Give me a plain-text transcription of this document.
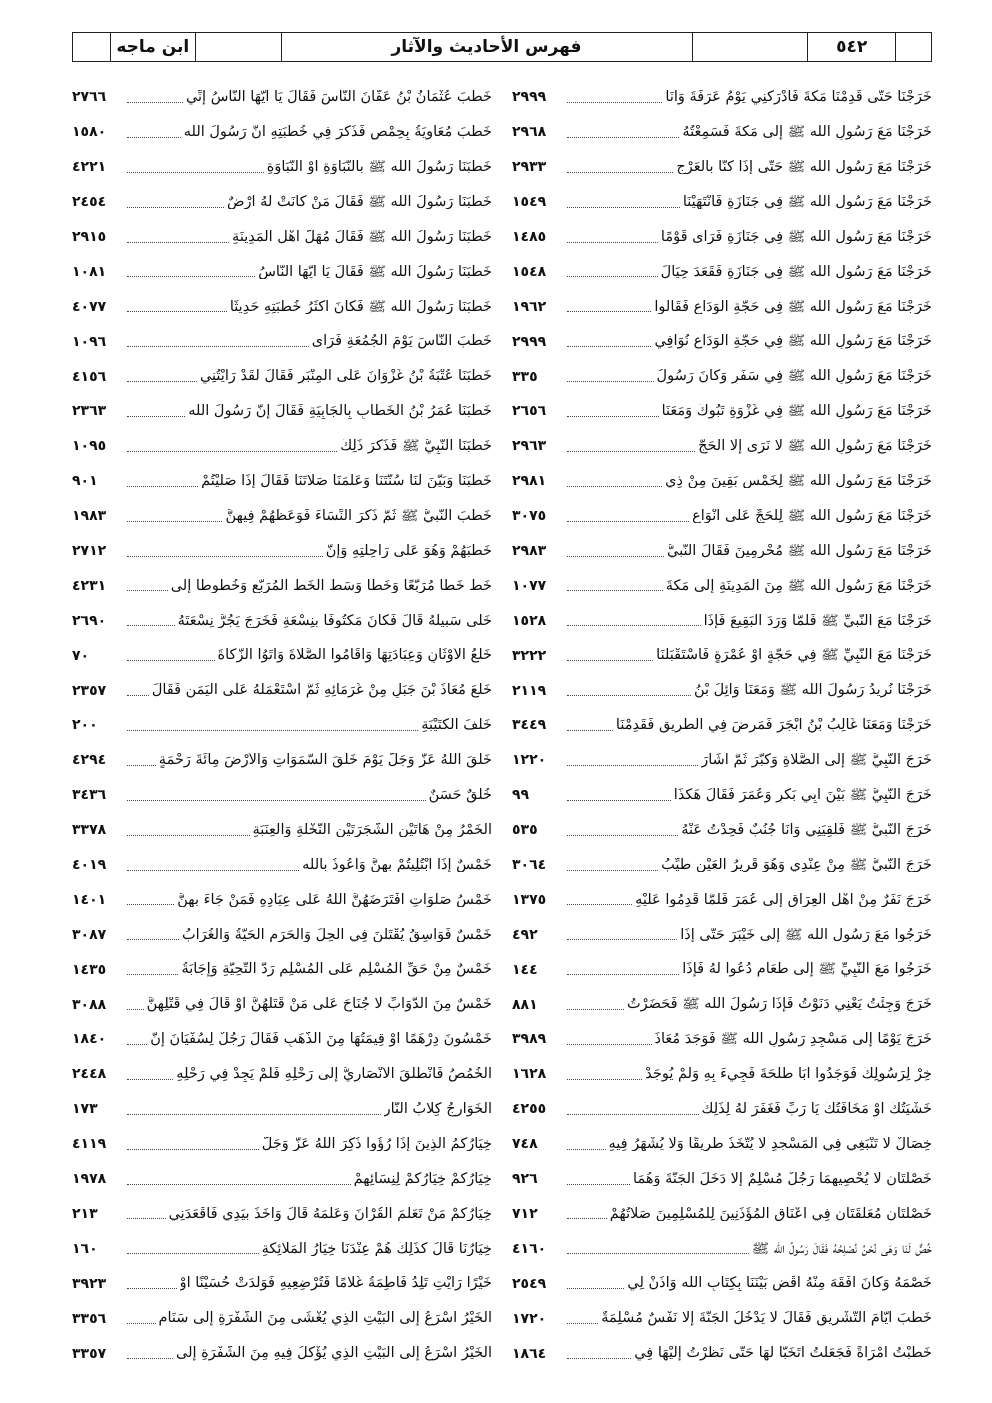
ابن ماجه	فهرس الأحاديث والآثار	٥٤٢
خَرَجْنَا حَتَّى قَدِمْنَا مَكَّةَ فَأَدْرَكَنِي يَوْمُ عَرَفَةَ وَأَنَا
٢٩٩٩
خَرَجْنَا مَعَ رَسُولِ اللّٰه ﷺ إِلَى مَكَّةَ فَسَمِعْتُهُ
٢٩٦٨
خَرَجْنَا مَعَ رَسُولِ اللّٰه ﷺ حَتَّى إِذَا كُنَّا بِالْعَرْجِ
٢٩٣٣
خَرَجْنَا مَعَ رَسُولِ اللّٰه ﷺ فِي جَنَازَةٍ فَانْتَهَيْنَا
١٥٤٩
خَرَجْنَا مَعَ رَسُولِ اللّٰه ﷺ فِي جَنَازَةٍ فَرَأَى قَوْمًا
١٤٨٥
خَرَجْنَا مَعَ رَسُولِ اللّٰه ﷺ فِي جَنَازَةٍ فَقَعَدَ حِيَالَ
١٥٤٨
خَرَجْنَا مَعَ رَسُولِ اللّٰه ﷺ فِي حَجَّةِ الْوَدَاعِ فَقَالُوا
١٩٦٢
خَرَجْنَا مَعَ رَسُولِ اللّٰه ﷺ فِي حَجَّةِ الْوَدَاعِ نُوَافِي
٢٩٩٩
خَرَجْنَا مَعَ رَسُولِ اللّٰه ﷺ فِي سَفَرٍ وَكَانَ رَسُولُ
٣٣٥
خَرَجْنَا مَعَ رَسُولِ اللّٰه ﷺ فِي غَزْوَةِ تَبُوكَ وَمَعَنَا
٢٦٥٦
خَرَجْنَا مَعَ رَسُولِ اللّٰه ﷺ لَا نَرَى إِلَّا الْحَجَّ
٢٩٦٣
خَرَجْنَا مَعَ رَسُولِ اللّٰه ﷺ لِخَمْسٍ بَقِينَ مِنْ ذِي
٢٩٨١
خَرَجْنَا مَعَ رَسُولِ اللّٰه ﷺ لِلْحَجِّ عَلَى أَنْوَاعٍ
٣٠٧٥
خَرَجْنَا مَعَ رَسُولِ اللّٰه ﷺ مُحْرِمِينَ فَقَالَ النَّبِيُّ
٢٩٨٣
خَرَجْنَا مَعَ رَسُولِ اللّٰه ﷺ مِنَ الْمَدِينَةِ إِلَى مَكَّةَ
١٠٧٧
خَرَجْنَا مَعَ النَّبِيِّ ﷺ فَلَمَّا وَرَدَ الْبَقِيعَ فَإِذَا
١٥٢٨
خَرَجْنَا مَعَ النَّبِيِّ ﷺ فِي حَجَّةٍ أَوْ عُمْرَةٍ فَاسْتَقْبَلَنَا
٣٢٢٢
خَرَجْنَا نُرِيدُ رَسُولَ اللّٰه ﷺ وَمَعَنَا وَائِلُ بْنُ
٢١١٩
خَرَجْنَا وَمَعَنَا غَالِبُ بْنُ أَبْجَرَ فَمَرِضَ فِي الطَّرِيقِ فَقَدِمْنَا
٣٤٤٩
خَرَجَ النَّبِيُّ ﷺ إِلَى الصَّلَاةِ وَكَبَّرَ ثُمَّ أَشَارَ
١٢٢٠
خَرَجَ النَّبِيُّ ﷺ بَيْنَ أَبِي بَكْرٍ وَعُمَرَ فَقَالَ هَكَذَا
٩٩
خَرَجَ النَّبِيُّ ﷺ فَلَقِيَنِي وَأَنَا جُنُبٌ فَحِدْتُ عَنْهُ
٥٣٥
خَرَجَ النَّبِيُّ ﷺ مِنْ عِنْدِي وَهُوَ قَرِيرُ الْعَيْنِ طَيِّبُ
٣٠٦٤
خَرَجَ نَفَرٌ مِنْ أَهْلِ الْعِرَاقِ إِلَى عُمَرَ فَلَمَّا قَدِمُوا عَلَيْهِ
١٣٧٥
خَرَجُوا مَعَ رَسُولِ اللّٰه ﷺ إِلَى خَيْبَرَ حَتَّى إِذَا
٤٩٢
خَرَجُوا مَعَ النَّبِيِّ ﷺ إِلَى طَعَامٍ دُعُوا لَهُ فَإِذَا
١٤٤
خَرَجَ وَجِئْتُ يَعْنِي دَنَوْتُ فَإِذَا رَسُولُ اللّٰه ﷺ فَحَضَرْتُ
٨٨١
خَرَجَ يَوْمًا إِلَى مَسْجِدِ رَسُولِ اللّٰه ﷺ فَوَجَدَ مُعَاذَ
٣٩٨٩
خِرْ لِرَسُولِكَ فَوَجَدُوا أَبَا طَلْحَةَ فَجِيءَ بِهِ وَلَمْ يُوجَدْ
١٦٢٨
خَشْيَتُكَ أَوْ مَخَافَتُكَ يَا رَبِّ فَغَفَرَ لَهُ لِذَلِكَ
٤٢٥٥
خِصَالٌ لَا تَنْبَغِي فِي الْمَسْجِدِ لَا يُتَّخَذُ طَرِيقًا وَلَا يُشْهَرُ فِيهِ
٧٤٨
خَصْلَتَانِ لَا يُحْصِيهِمَا رَجُلٌ مُسْلِمٌ إِلَّا دَخَلَ الْجَنَّةَ وَهُمَا
٩٢٦
خَصْلَتَانِ مُعَلَّقَتَانِ فِي أَعْنَاقِ الْمُؤَذِّنِينَ لِلْمُسْلِمِينَ صَلَاتُهُمْ
٧١٢
خُصٌّ لَنَا وَهَى نُحْنُ نُصْلِحُهُ فَقَالَ رَسُولُ اللّٰه ﷺ
٤١٦٠
خَصْمَهُ وَكَانَ أَفْقَهَ مِنْهُ اقْضِ بَيْنَنَا بِكِتَابِ اللّٰه وَأْذَنْ لِي
٢٥٤٩
خَطَبَ أَيَّامَ التَّشْرِيقِ فَقَالَ لَا يَدْخُلُ الْجَنَّةَ إِلَّا نَفْسٌ مُسْلِمَةٌ
١٧٢٠
خَطَبْتُ امْرَأَةً فَجَعَلْتُ أَتَخَبَّأُ لَهَا حَتَّى نَظَرْتُ إِلَيْهَا فِي
١٨٦٤
خَطَبَ عُثْمَانُ بْنُ عَفَّانَ النَّاسَ فَقَالَ يَا أَيُّهَا النَّاسُ إِنِّي
٢٧٦٦
خَطَبَ مُعَاوِيَةُ بِحِمْصٍ فَذَكَرَ فِي خُطْبَتِهِ أَنَّ رَسُولَ اللّٰه
١٥٨٠
خَطَبَنَا رَسُولُ اللّٰه ﷺ بِالنُّبَاوَةِ أَوْ النَّبَاوَةِ
٤٢٢١
خَطَبَنَا رَسُولُ اللّٰه ﷺ فَقَالَ مَنْ كَانَتْ لَهُ أَرْضٌ
٢٤٥٤
خَطَبَنَا رَسُولُ اللّٰه ﷺ فَقَالَ مُهَلُّ أَهْلِ الْمَدِينَةِ
٢٩١٥
خَطَبَنَا رَسُولُ اللّٰه ﷺ فَقَالَ يَا أَيُّهَا النَّاسُ
١٠٨١
خَطَبَنَا رَسُولُ اللّٰه ﷺ فَكَانَ أَكْثَرُ خُطْبَتِهِ حَدِيثًا
٤٠٧٧
خَطَبَ النَّاسَ يَوْمَ الْجُمُعَةِ فَرَأَى
١٠٩٦
خَطَبَنَا عُتْبَةُ بْنُ غَزْوَانَ عَلَى الْمِنْبَرِ فَقَالَ لَقَدْ رَأَيْتُنِي
٤١٥٦
خَطَبَنَا عُمَرُ بْنُ الْخَطَّابِ بِالْجَابِيَةِ فَقَالَ إِنَّ رَسُولَ اللّٰه
٢٣٦٣
خَطَبَنَا النَّبِيُّ ﷺ فَذَكَرَ ذَلِكَ
١٠٩٥
خَطَبَنَا وَبَيَّنَ لَنَا سُنَّتَنَا وَعَلَّمَنَا صَلَاتَنَا فَقَالَ إِذَا صَلَّيْتُمْ
٩٠١
خَطَبَ النَّبِيُّ ﷺ ثُمَّ ذَكَرَ النِّسَاءَ فَوَعَظَهُمْ فِيهِنَّ
١٩٨٣
خَطَبَهُمْ وَهُوَ عَلَى رَاحِلَتِهِ وَإِنَّ
٢٧١٢
خَطَّ خَطًّا مُرَبَّعًا وَخَطًّا وَسَطَ الْخَطِّ الْمُرَبَّعِ وَخُطُوطًا إِلَى
٤٢٣١
خَلَّى سَبِيلَهُ قَالَ فَكَانَ مَكْتُوفًا بِنِسْعَةٍ فَخَرَجَ يَجُرُّ نِسْعَتَهُ
٢٦٩٠
خَلْعُ الْأَوْثَانِ وَعِبَادَتِهَا وَأَقَامُوا الصَّلَاةَ وَآتَوُا الزَّكَاةَ
٧٠
خَلَعَ مُعَاذَ بْنَ جَبَلٍ مِنْ غُرَمَائِهِ ثُمَّ اسْتَعْمَلَهُ عَلَى الْيَمَنِ فَقَالَ
٢٣٥٧
خَلْفَ الْكُتَيْبَةِ
٢٠٠
خَلَقَ اللّٰهُ عَزَّ وَجَلَّ يَوْمَ خَلَقَ السَّمَوَاتِ وَالْأَرْضَ مِائَةَ رَحْمَةٍ
٤٢٩٤
خُلُقٌ حَسَنٌ
٣٤٣٦
الْخَمْرُ مِنْ هَاتَيْنِ الشَّجَرَتَيْنِ النَّخْلَةِ وَالْعِنَبَةِ
٣٣٧٨
خَمْسٌ إِذَا ابْتُلِيتُمْ بِهِنَّ وَأَعُوذُ بِاللّٰه
٤٠١٩
خَمْسُ صَلَوَاتٍ افْتَرَضَهُنَّ اللّٰهُ عَلَى عِبَادِهِ فَمَنْ جَاءَ بِهِنَّ
١٤٠١
خَمْسٌ فَوَاسِقُ يُقْتَلْنَ فِي الْحِلِّ وَالْحَرَمِ الْحَيَّةُ وَالْغُرَابُ
٣٠٨٧
خَمْسٌ مِنْ حَقِّ الْمُسْلِمِ عَلَى الْمُسْلِمِ رَدُّ التَّحِيَّةِ وَإِجَابَةُ
١٤٣٥
خَمْسٌ مِنَ الدَّوَابِّ لَا جُنَاحَ عَلَى مَنْ قَتَلَهُنَّ أَوْ قَالَ فِي قَتْلِهِنَّ
٣٠٨٨
خَمْسُونَ دِرْهَمًا أَوْ قِيمَتُهَا مِنَ الذَّهَبِ فَقَالَ رَجُلٌ لِسُفْيَانَ إِنَّ
١٨٤٠
الْخُمُصُ فَانْطَلَقَ الْأَنْصَارِيُّ إِلَى رَحْلِهِ فَلَمْ يَجِدْ فِي رَحْلِهِ
٢٤٤٨
الْخَوَارِجُ كِلَابُ النَّارِ
١٧٣
خِيَارُكُمُ الَّذِينَ إِذَا رُؤُوا ذُكِرَ اللّٰهُ عَزَّ وَجَلَّ
٤١١٩
خِيَارُكُمْ خِيَارُكُمْ لِنِسَائِهِمْ
١٩٧٨
خِيَارُكُمْ مَنْ تَعَلَّمَ الْقُرْآنَ وَعَلَّمَهُ قَالَ وَأَخَذَ بِيَدِي فَأَقْعَدَنِي
٢١٣
خِيَارُنَا قَالَ كَذَلِكَ هُمْ عِنْدَنَا خِيَارُ الْمَلَائِكَةِ
١٦٠
خَيْرًا رَأَيْتِ تَلِدُ فَاطِمَةُ غُلَامًا فَتُرْضِعِيهِ فَوَلَدَتْ حُسَيْنًا أَوْ
٣٩٢٣
الْخَيْرُ أَسْرَعُ إِلَى الْبَيْتِ الَّذِي يُغْشَى مِنَ الشَّفْرَةِ إِلَى سَنَامِ
٣٣٥٦
الْخَيْرُ أَسْرَعُ إِلَى الْبَيْتِ الَّذِي يُؤْكَلُ فِيهِ مِنَ الشَّفْرَةِ إِلَى
٣٣٥٧
